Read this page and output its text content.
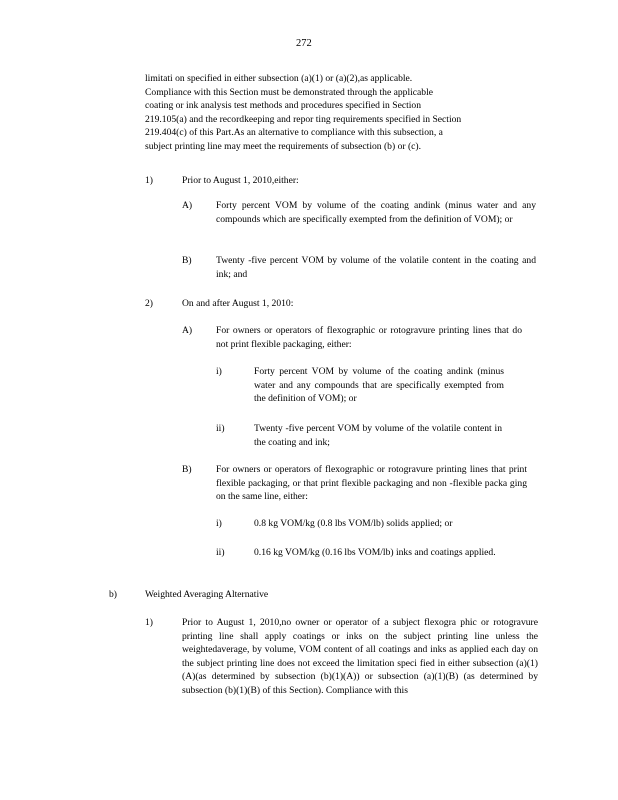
272
limitati on specified in either subsection (a)(1) or (a)(2),as applicable.
Compliance with this Section must be demonstrated through the applicable
coating or ink analysis test methods and procedures specified in Section
219.105(a) and the recordkeeping and repor ting requirements specified in Section
219.404(c) of this Part.As an alternative to compliance with this subsection, a
subject printing line may meet the requirements of subsection (b) or (c).
1)	Prior to August 1, 2010,either:
A) Forty percent VOM by volume of the coating andink (minus water and any compounds which are specifically exempted from the definition of VOM); or
B)	Twenty -five percent VOM by volume of the volatile content in the coating and ink; and
2)	On and after August 1, 2010:
A) For owners or operators of flexographic or rotogravure printing lines that do not print flexible packaging, either:
i)	Forty percent VOM by volume of the coating andink (minus water and any compounds that are specifically exempted from the definition of VOM); or
ii)	Twenty -five percent VOM by volume of the volatile content in the coating and ink;
B)	For owners or operators of flexographic or rotogravure printing lines that print flexible packaging, or that print flexible packaging and non -flexible packa ging on the same line, either:
i)	0.8 kg VOM/kg (0.8 lbs VOM/lb) solids applied; or
ii)	0.16 kg VOM/kg (0.16 lbs VOM/lb) inks and coatings applied.
b)	Weighted Averaging Alternative
1)	Prior to August 1, 2010,no owner or operator of a subject flexogra phic or rotogravure printing line shall apply coatings or inks on the subject printing line unless the weightedaverage, by volume, VOM content of all coatings and inks as applied each day on the subject printing line does not exceed the limitation speci fied in either subsection (a)(1)(A)(as determined by subsection (b)(1)(A)) or subsection (a)(1)(B) (as determined by subsection (b)(1)(B) of this Section). Compliance with this
